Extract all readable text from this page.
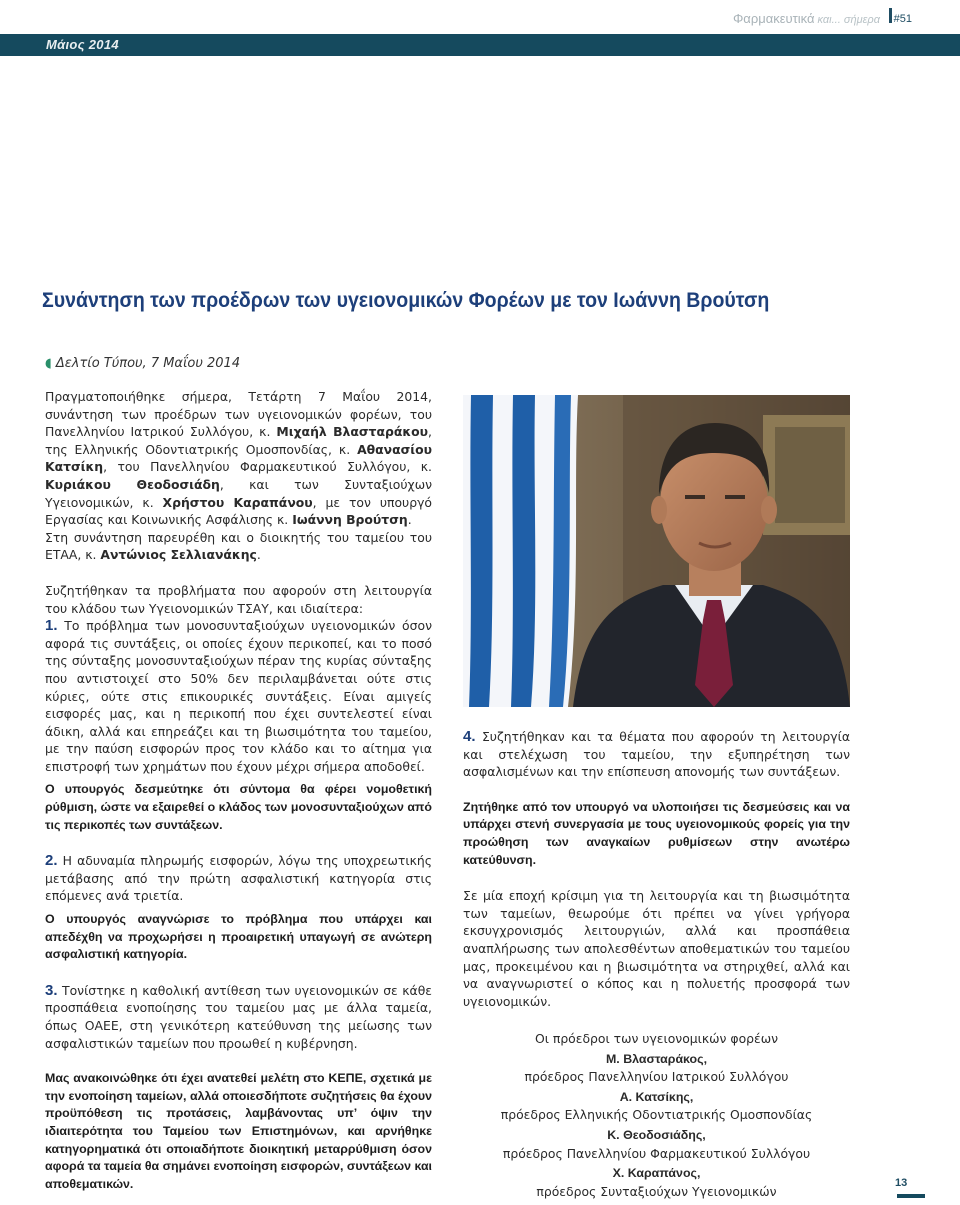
Φαρμακευτικά και... σήμερα #51
Μάιος 2014
Συνάντηση των προέδρων των υγειονομικών Φορέων με τον Ιωάννη Βρούτση
◖ Δελτίο Τύπου, 7 Μαΐου 2014

Πραγματοποιήθηκε σήμερα, Τετάρτη 7 Μαΐου 2014, συνάντηση των προέδρων των υγειονομικών φορέων, του Πανελληνίου Ιατρικού Συλλόγου, κ. Μιχαήλ Βλασταράκου, της Ελληνικής Οδοντιατρικής Ομοσπονδίας, κ. Αθανασίου Κατσίκη, του Πανελληνίου Φαρμακευτικού Συλλόγου, κ. Κυριάκου Θεοδοσιάδη, και των Συνταξιούχων Υγειονομικών, κ. Χρήστου Καραπάνου, με τον υπουργό Εργασίας και Κοινωνικής Ασφάλισης κ. Ιωάννη Βρούτση.

Στη συνάντηση παρευρέθη και ο διοικητής του ταμείου του ΕΤΑΑ, κ. Αντώνιος Σελλιανάκης.

Συζητήθηκαν τα προβλήματα που αφορούν στη λειτουργία του κλάδου των Υγειονομικών ΤΣΑΥ, και ιδιαίτερα:

1. Το πρόβλημα των μονοσυνταξιούχων υγειονομικών όσον αφορά τις συντάξεις, οι οποίες έχουν περικοπεί, και το ποσό της σύνταξης μονοσυνταξιούχων πέραν της κυρίας σύνταξης που αντιστοιχεί στο 50% δεν περιλαμβάνεται ούτε στις κύριες, ούτε στις επικουρικές συντάξεις. Είναι αμιγείς εισφορές μας, και η περικοπή που έχει συντελεστεί είναι άδικη, αλλά και επηρεάζει και τη βιωσιμότητα του ταμείου, με την παύση εισφορών προς τον κλάδο και το αίτημα για επιστροφή των χρημάτων που έχουν μέχρι σήμερα αποδοθεί.

Ο υπουργός δεσμεύτηκε ότι σύντομα θα φέρει νομοθετική ρύθμιση, ώστε να εξαιρεθεί ο κλάδος των μονοσυνταξιούχων από τις περικοπές των συντάξεων.

2. Η αδυναμία πληρωμής εισφορών, λόγω της υποχρεωτικής μετάβασης από την πρώτη ασφαλιστική κατηγορία στις επόμενες ανά τριετία.

Ο υπουργός αναγνώρισε το πρόβλημα που υπάρχει και απεδέχθη να προχωρήσει η προαιρετική υπαγωγή σε ανώτερη ασφαλιστική κατηγορία.

3. Τονίστηκε η καθολική αντίθεση των υγειονομικών σε κάθε προσπάθεια ενοποίησης του ταμείου μας με άλλα ταμεία, όπως ΟΑΕΕ, στη γενικότερη κατεύθυνση της μείωσης των ασφαλιστικών ταμείων που προωθεί η κυβέρνηση.

Μας ανακοινώθηκε ότι έχει ανατεθεί μελέτη στο ΚΕΠΕ, σχετικά με την ενοποίηση ταμείων, αλλά οποιεσδήποτε συζητήσεις θα έχουν προϋπόθεση τις προτάσεις, λαμβάνοντας υπ’ όψιν την ιδιαιτερότητα του Ταμείου των Επιστημόνων, και αρνήθηκε κατηγορηματικά ότι οποιαδήποτε διοικητική μεταρρύθμιση όσον αφορά τα ταμεία θα σημάνει ενοποίηση εισφορών, συντάξεων και αποθεματικών.

4. Συζητήθηκαν και τα θέματα που αφορούν τη λειτουργία και στελέχωση του ταμείου, την εξυπηρέτηση των ασφαλισμένων και την επίσπευση απονομής των συντάξεων.

Ζητήθηκε από τον υπουργό να υλοποιήσει τις δεσμεύσεις και να υπάρχει στενή συνεργασία με τους υγειονομικούς φορείς για την προώθηση των αναγκαίων ρυθμίσεων στην ανωτέρω κατεύθυνση.

Σε μία εποχή κρίσιμη για τη λειτουργία και τη βιωσιμότητα των ταμείων, θεωρούμε ότι πρέπει να γίνει γρήγορα εκσυγχρονισμός λειτουργιών, αλλά και προσπάθεια αναπλήρωσης των απολεσθέντων αποθεματικών του ταμείου μας, προκειμένου και η βιωσιμότητα να στηριχθεί, αλλά και να αναγνωριστεί ο κόπος και η πολυετής προσφορά των υγειονομικών.

Οι πρόεδροι των υγειονομικών φορέων

Μ. Βλασταράκος,

πρόεδρος Πανελληνίου Ιατρικού Συλλόγου

Α. Κατσίκης,

πρόεδρος Ελληνικής Οδοντιατρικής Ομοσπονδίας

Κ. Θεοδοσιάδης,

πρόεδρος Πανελληνίου Φαρμακευτικού Συλλόγου

Χ. Καραπάνος,

πρόεδρος Συνταξιούχων Υγειονομικών

13
